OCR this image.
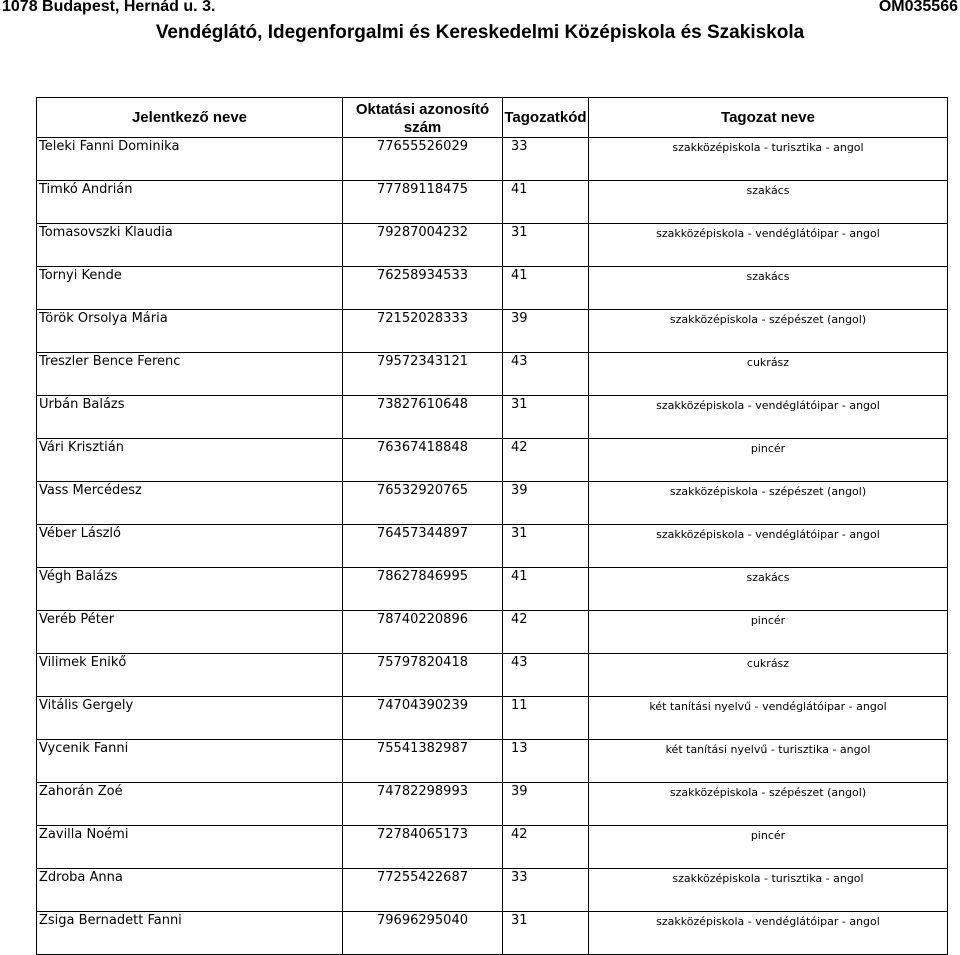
1078 Budapest, Hernád u. 3.	OM035566
Vendéglátó, Idegenforgalmi és Kereskedelmi Középiskola és Szakiskola
Jelentkező neve	Oktatási azonosító szám	Tagozatkód	Tagozat neve
Teleki Fanni Dominika	77655526029	33	szakközépiskola - turisztika - angol
Timkó Andrián	77789118475	41	szakács
Tomasovszki Klaudia	79287004232	31	szakközépiskola - vendéglátóipar - angol
Tornyi Kende	76258934533	41	szakács
Török Orsolya Mária	72152028333	39	szakközépiskola - szépészet (angol)
Treszler Bence Ferenc	79572343121	43	cukrász
Urbán Balázs	73827610648	31	szakközépiskola - vendéglátóipar - angol
Vári Krisztián	76367418848	42	pincér
Vass Mercédesz	76532920765	39	szakközépiskola - szépészet (angol)
Véber László	76457344897	31	szakközépiskola - vendéglátóipar - angol
Végh Balázs	78627846995	41	szakács
Veréb Péter	78740220896	42	pincér
Vilimek Enikő	75797820418	43	cukrász
Vitális Gergely	74704390239	11	két tanítási nyelvű - vendéglátóipar - angol
Vycenik Fanni	75541382987	13	két tanítási nyelvű - turisztika - angol
Zahorán Zoé	74782298993	39	szakközépiskola - szépészet (angol)
Zavilla Noémi	72784065173	42	pincér
Zdroba Anna	77255422687	33	szakközépiskola - turisztika - angol
Zsiga Bernadett Fanni	79696295040	31	szakközépiskola - vendéglátóipar - angol
